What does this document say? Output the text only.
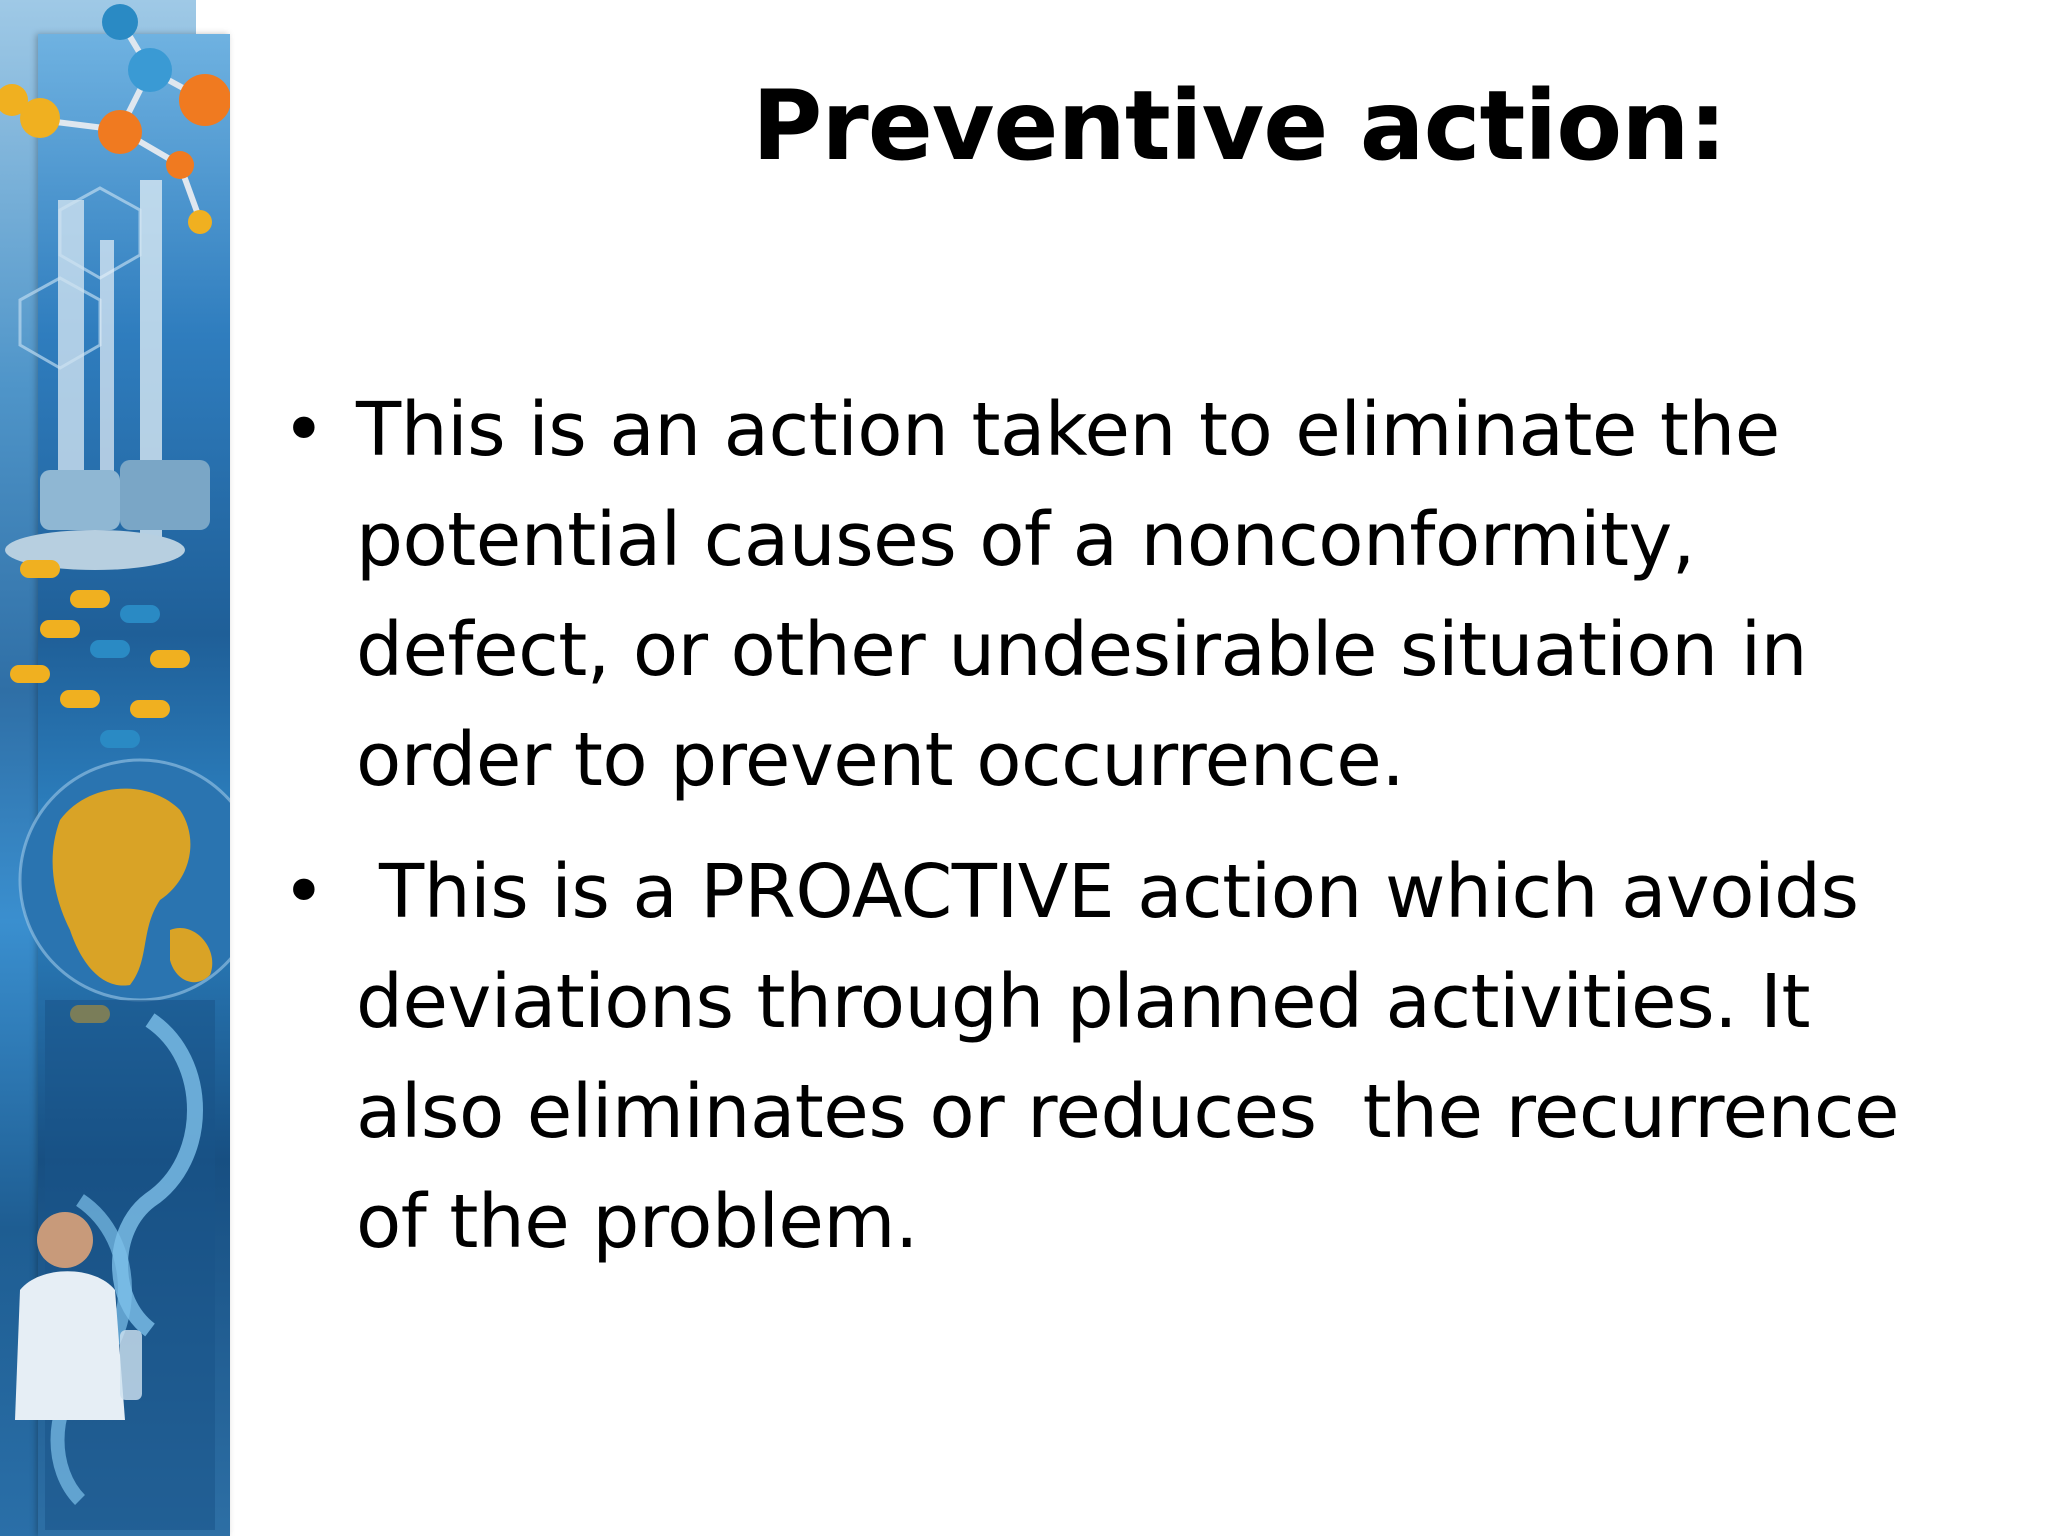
Preventive action:
• This is an action taken to eliminate the potential causes of a nonconformity, defect, or other undesirable situation in order to prevent occurrence.
• This is a PROACTIVE action which avoids deviations through planned activities. It also eliminates or reduces  the recurrence of the problem.
